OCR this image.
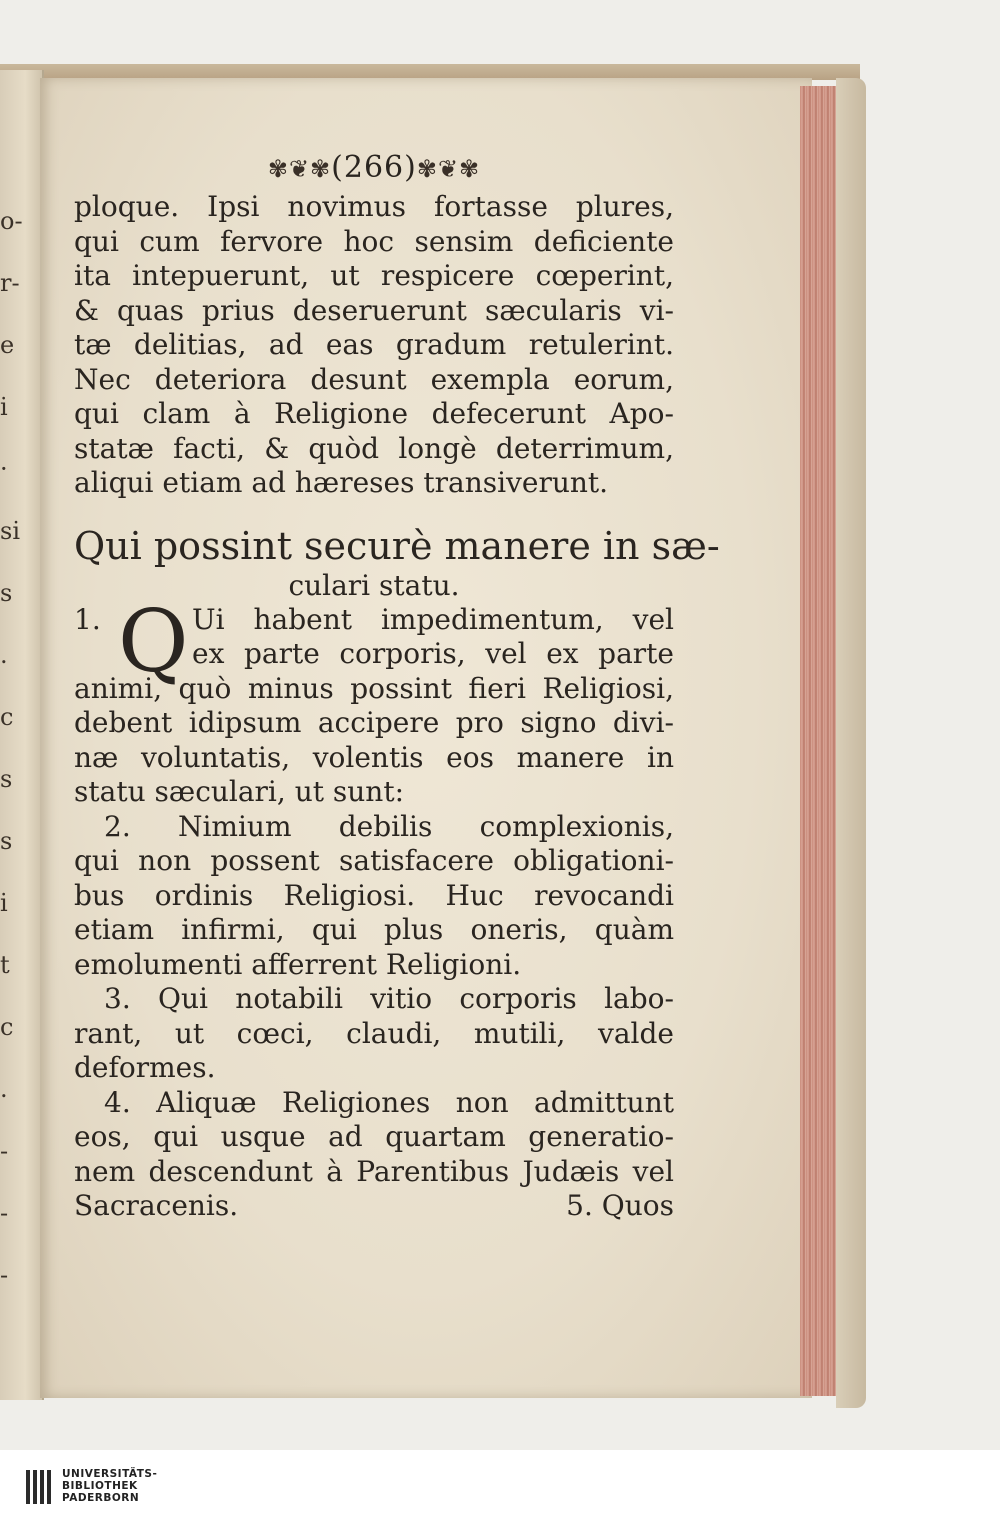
o-
r-
e
i
·
si
s
.
c
s
s
i
t
c
.
-
-
-
✾❦✾(266)✾❦✾
ploque. Ipsi novimus fortasse plures,
qui cum fervore hoc sensim deficiente
ita intepuerunt, ut respicere cœperint,
& quas prius deseruerunt sæcularis vi-
tæ delitias, ad eas gradum retulerint.
Nec deteriora desunt exempla eorum,
qui clam à Religione defecerunt Apo-
statæ facti, & quòd longè deterrimum,
aliqui etiam ad hæreses transiverunt.
Qui possint securè manere in sæ-
culari statu.
1. Q Ui habent impedimentum, vel
ex parte corporis, vel ex parte
animi, quò minus possint fieri Religiosi,
debent idipsum accipere pro signo divi-
næ voluntatis, volentis eos manere in
statu sæculari, ut sunt:
2. Nimium debilis complexionis,
qui non possent satisfacere obligationi-
bus ordinis Religiosi. Huc revocandi
etiam infirmi, qui plus oneris, quàm
emolumenti afferrent Religioni.
3. Qui notabili vitio corporis labo-
rant, ut cœci, claudi, mutili, valde
deformes.
4. Aliquæ Religiones non admittunt
eos, qui usque ad quartam generatio-
nem descendunt à Parentibus Judæis vel
Sacracenis.	5. Quos
UNIVERSITÄTS-
BIBLIOTHEK
PADERBORN
